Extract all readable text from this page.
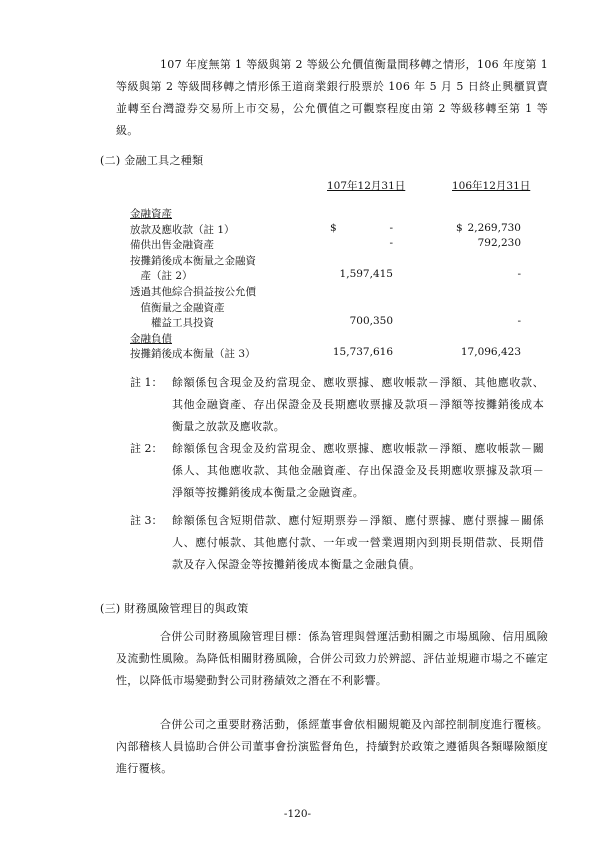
107 年度無第 1 等級與第 2 等級公允價值衡量間移轉之情形，106 年度第 1 等級與第 2 等級間移轉之情形係王道商業銀行股票於 106 年 5 月 5 日終止興櫃買賣並轉至台灣證券交易所上市交易，公允價值之可觀察程度由第 2 等級移轉至第 1 等級。
(二) 金融工具之種類
107年12月31日	106年12月31日
金融資產
放款及應收款（註 1）	$	-	$ 2,269,730
備供出售金融資產	-	792,230
按攤銷後成本衡量之金融資
　產（註 2）	1,597,415	-
透過其他綜合損益按公允價
　值衡量之金融資產
　　權益工具投資	700,350	-
金融負債
按攤銷後成本衡量（註 3）	15,737,616	17,096,423
註 1： 餘額係包含現金及約當現金、應收票據、應收帳款－淨額、其他應收款、其他金融資產、存出保證金及長期應收票據及款項－淨額等按攤銷後成本衡量之放款及應收款。
註 2： 餘額係包含現金及約當現金、應收票據、應收帳款－淨額、應收帳款－關係人、其他應收款、其他金融資產、存出保證金及長期應收票據及款項－淨額等按攤銷後成本衡量之金融資產。
註 3： 餘額係包含短期借款、應付短期票券－淨額、應付票據、應付票據－關係人、應付帳款、其他應付款、一年或一營業週期內到期長期借款、長期借款及存入保證金等按攤銷後成本衡量之金融負債。
(三) 財務風險管理目的與政策
合併公司財務風險管理目標：係為管理與營運活動相關之市場風險、信用風險及流動性風險。為降低相關財務風險，合併公司致力於辨認、評估並規避市場之不確定性，以降低市場變動對公司財務績效之潛在不利影響。
合併公司之重要財務活動，係經董事會依相關規範及內部控制制度進行覆核。內部稽核人員協助合併公司董事會扮演監督角色，持續對於政策之遵循與各類曝險額度進行覆核。
-120-
